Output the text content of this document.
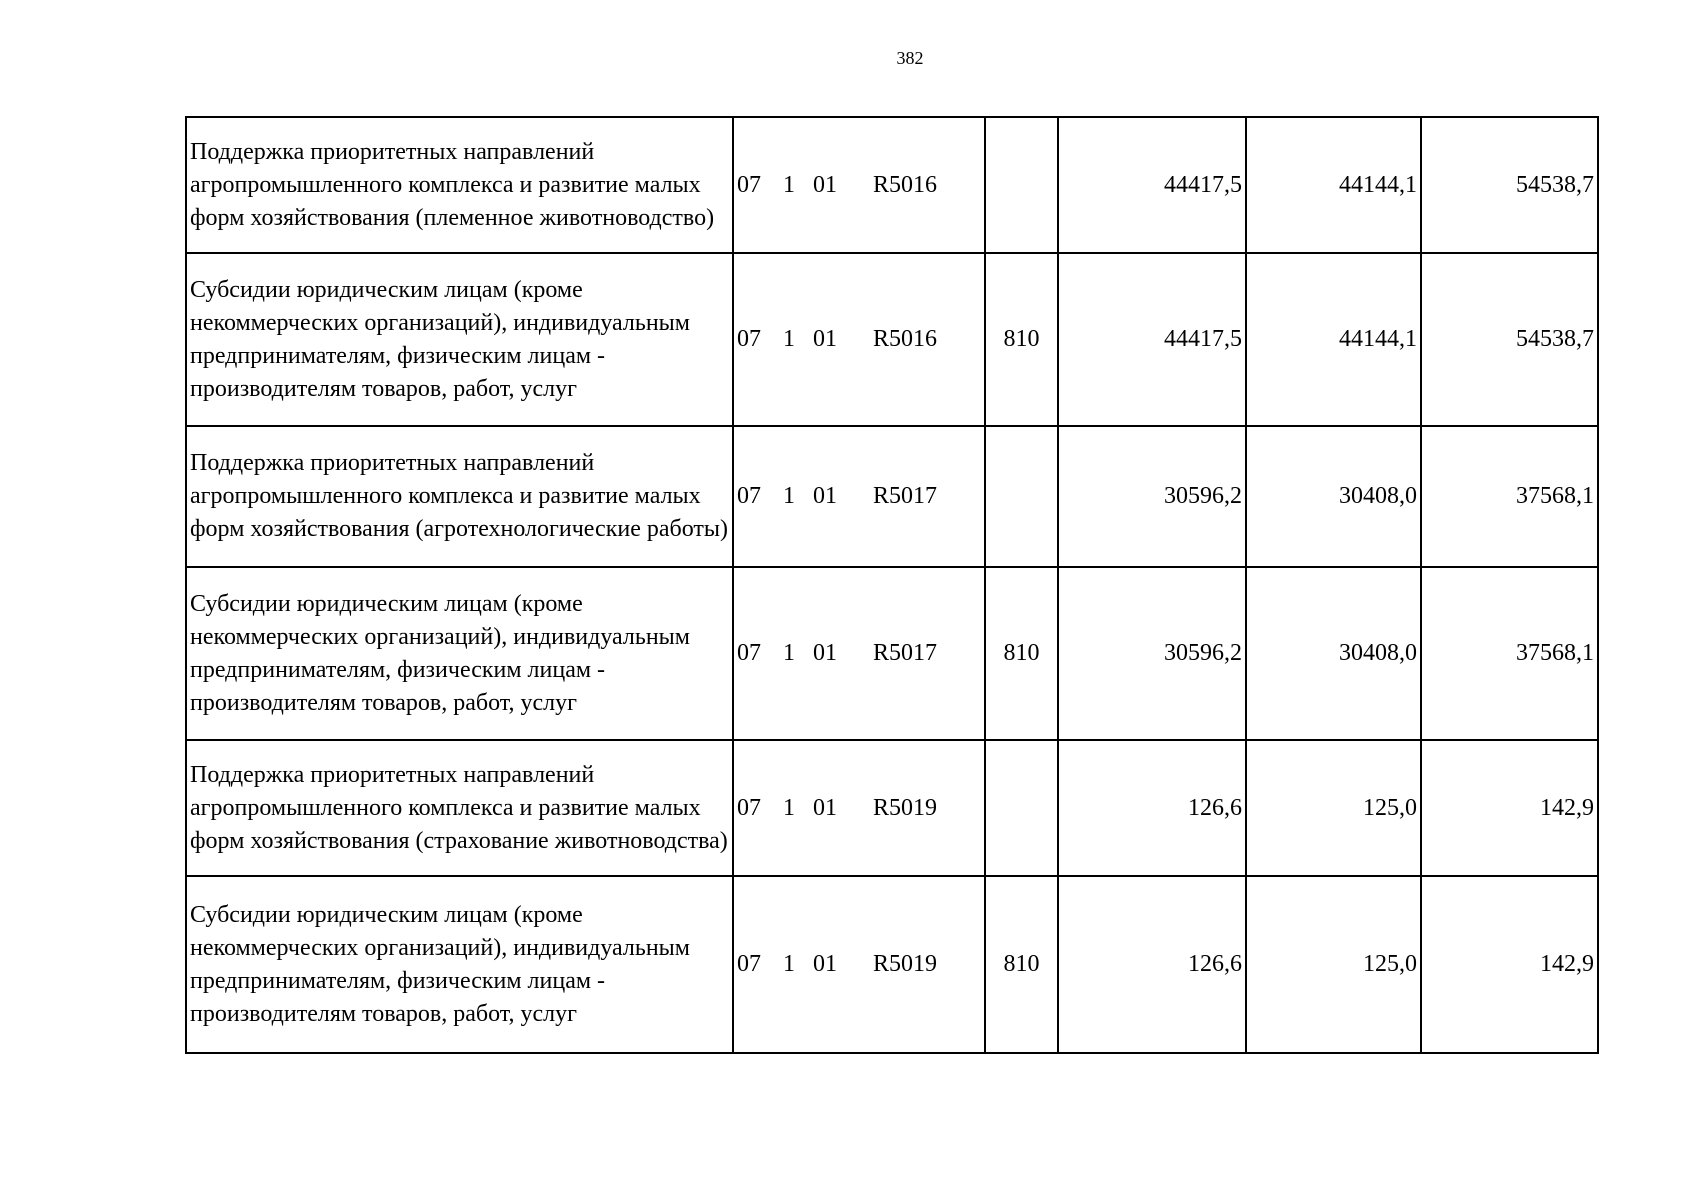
382
Поддержка приоритетных направлений агропромышленного комплекса и развитие малых форм хозяйствования (племенное животноводство)	07 1 01 R5016		44417,5	44144,1	54538,7
Субсидии юридическим лицам (кроме некоммерческих организаций), индивидуальным предпринимателям, физическим лицам - производителям товаров, работ, услуг	07 1 01 R5016	810	44417,5	44144,1	54538,7
Поддержка приоритетных направлений агропромышленного комплекса и развитие малых форм хозяйствования (агротехнологические работы)	07 1 01 R5017		30596,2	30408,0	37568,1
Субсидии юридическим лицам (кроме некоммерческих организаций), индивидуальным предпринимателям, физическим лицам - производителям товаров, работ, услуг	07 1 01 R5017	810	30596,2	30408,0	37568,1
Поддержка приоритетных направлений агропромышленного комплекса и развитие малых форм хозяйствования (страхование животноводства)	07 1 01 R5019		126,6	125,0	142,9
Субсидии юридическим лицам (кроме некоммерческих организаций), индивидуальным предпринимателям, физическим лицам - производителям товаров, работ, услуг	07 1 01 R5019	810	126,6	125,0	142,9
